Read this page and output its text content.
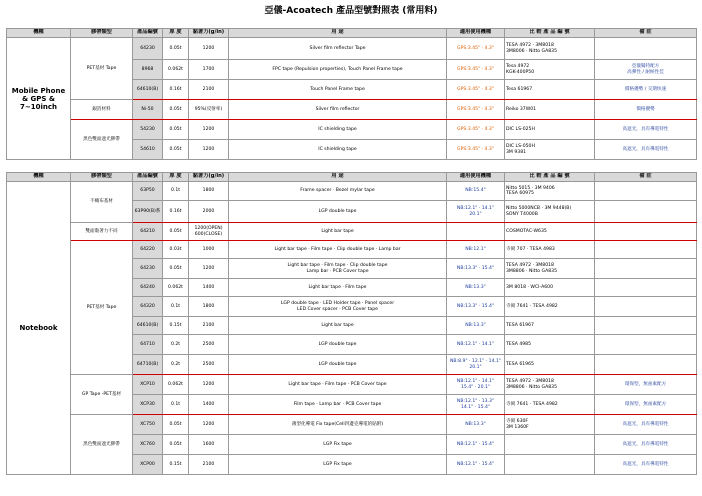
亞儀-Acoatech 產品型號對照表 (常用料)
機種	膠帶類型	產品編號	厚 度	黏著力(g/in)	用 途	適用使用機種	比 較 產 品 編 號	備 註
Mobile Phone & GPS & 7~10inch	PET基材 Tape	64230	0.05t	1200	Silver film reflector Tape	GPS:3.45" · 4.3"	TESA 4972 · 3M8018
3M8006 · Nitto GA835	
		8968	0.062t	1700	FPC tape (Repulsion properties), Touch Panel Frame tape	GPS:3.45" · 4.3"	Tesa 4972
KGK-400P50	亞儀獨特配方
高彈性 / 耐候性佳
		64610(B)	0.16t	2100	Touch Panel Frame tape	GPS:3.45" · 4.3"	Tesa 61967	價格優勢 / 交期快速
	銀箔材料	Ni-50	0.05t	95%(反射率)	Silver film reflector	GPS:3.45" · 4.3"	Reiko 37W01	價格優勢
	黑色雙面遮光膠帶	54230	0.05t	1200	IC shielding tape	GPS:3.45" · 4.3"	DIC LS-025H	高遮光，具有導電特性
		54610	0.05t	1200	IC shielding tape	GPS:3.45" · 4.3"	DIC LS-050H
3M 9381	高遮光，具有導電特性
機種	膠帶類型	產品編號	厚 度	黏著力(g/in)	用 途	適用使用機種	比 較 產 品 編 號	備 註
Notebook	不織布基材	63P50	0.1t	1800	Frame spacer · Bezel mylar tape	NB:15.4"	Nitto 5015 · 3M 9406
TESA 60975	
		63P90(B)系	0.16t	2000	LGP double tape	NB:12.1" · 14.1"
20.1"	Nitto 5000NCB · 3M 9448(B)
SONY T4000B	
	雙面黏著力不同	64210	0.05t	1200(OPEN)
600(CLOSE)	Light bar tape		COSMOTAC-W635	
	PET基材 Tape	64220	0.03t	1000	Light bar tape · Film tape · Clip double tape · Lamp bar	NB:12.1"	寺岡 707 · TESA 4983	
		64230	0.05t	1200	Light bar tape · Film tape · Clip double tape
Lamp bar · PCB Cover tape	NB:13.3" · 15.4"	TESA 4972 · 3M8018
3M8806 · Nitto GA835	
		64240	0.062t	1400	Light bar tape · Film tape	NB:13.3"	3M 8018 · WCI-A600	
		64320	0.1t	1800	LGP double tape · LED Holder tape · Panel spacer
LED Cover spacer · PCB Cover tape	NB:13.3" · 15.4"	寺岡 7641 · TESA 4982	
		64610(B)	0.15t	2100	Light bar tape	NB:13.3"	TESA 61967	
		64710	0.2t	2500	LGP double tape	NB:12.1" · 14.1"	TESA 4985	
		64710(B)	0.2t	2500	LGP double tape	NB:8.9" · 12.1" · 14.1"
20.1"	TESA 61965	
	GP Tape -PET基材	XCP10	0.062t	1200	Light bar tape · Film tape · PCB Cover tape	NB:12.1" · 14.1"
15.4" · 20.1"	TESA 4972 · 3M8018
3M8806 · Nitto GA835	環保型，無鹵素配方
		XCP30	0.1t	1400	Film tape · Lamp bar · PCB Cover tape	NB:12.1" · 13.3"
14.1" · 15.4"	寺岡 7641 · TESA 4982	環保型，無鹵素配方
	黑色雙面遮光膠帶	XC750	0.05t	1200	薄型化導電 Fix tape(Cell四邊克導電的貼附)	NB:13.3"	寺岡 630F
3M 1360F	高遮光，具有導電特性
		XC760	0.05t	1600	LGP Fix tape	NB:12.1" · 15.4"		高遮光，具有導電特性
		XCP00	0.15t	2100	LGP Fix tape	NB:12.1" · 15.4"		高遮光，具有導電特性
